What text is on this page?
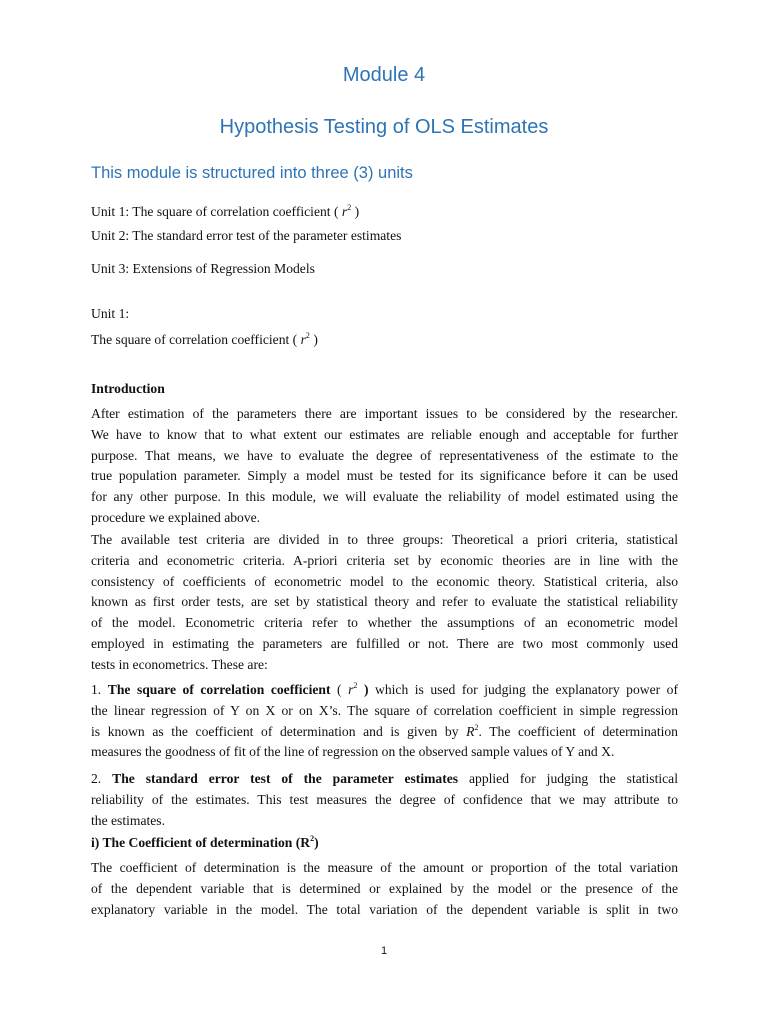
Module 4
Hypothesis Testing of OLS Estimates
This module is structured into three (3) units
Unit 1: The square of correlation coefficient ( $r^2$ )
Unit 2: The standard error test of the parameter estimates
Unit 3: Extensions of Regression Models
Unit 1:
The square of correlation coefficient ( $r^2$ )
Introduction
After estimation of the parameters there are important issues to be considered by the researcher.
We have to know that to what extent our estimates are reliable enough and acceptable for further
purpose. That means, we have to evaluate the degree of representativeness of the estimate to the
true population parameter. Simply a model must be tested for its significance before it can be used
for any other purpose. In this module, we will evaluate the reliability of model estimated using the
procedure we explained above.
The available test criteria are divided in to three groups: Theoretical a priori criteria, statistical
criteria and econometric criteria. A-priori criteria set by economic theories are in line with the
consistency of coefficients of econometric model to the economic theory. Statistical criteria, also
known as first order tests, are set by statistical theory and refer to evaluate the statistical reliability
of the model. Econometric criteria refer to whether the assumptions of an econometric model
employed in estimating the parameters are fulfilled or not. There are two most commonly used
tests in econometrics. These are:
1. The square of correlation coefficient ( $r^2$ ) which is used for judging the explanatory power of
the linear regression of Y on X or on X’s. The square of correlation coefficient in simple regression
is known as the coefficient of determination and is given by $R^2$. The coefficient of determination
measures the goodness of fit of the line of regression on the observed sample values of Y and X.
2. The standard error test of the parameter estimates applied for judging the statistical
reliability of the estimates. This test measures the degree of confidence that we may attribute to
the estimates.
i) The Coefficient of determination $(R^2)$
The coefficient of determination is the measure of the amount or proportion of the total variation
of the dependent variable that is determined or explained by the model or the presence of the
explanatory variable in the model. The total variation of the dependent variable is split in two
1
